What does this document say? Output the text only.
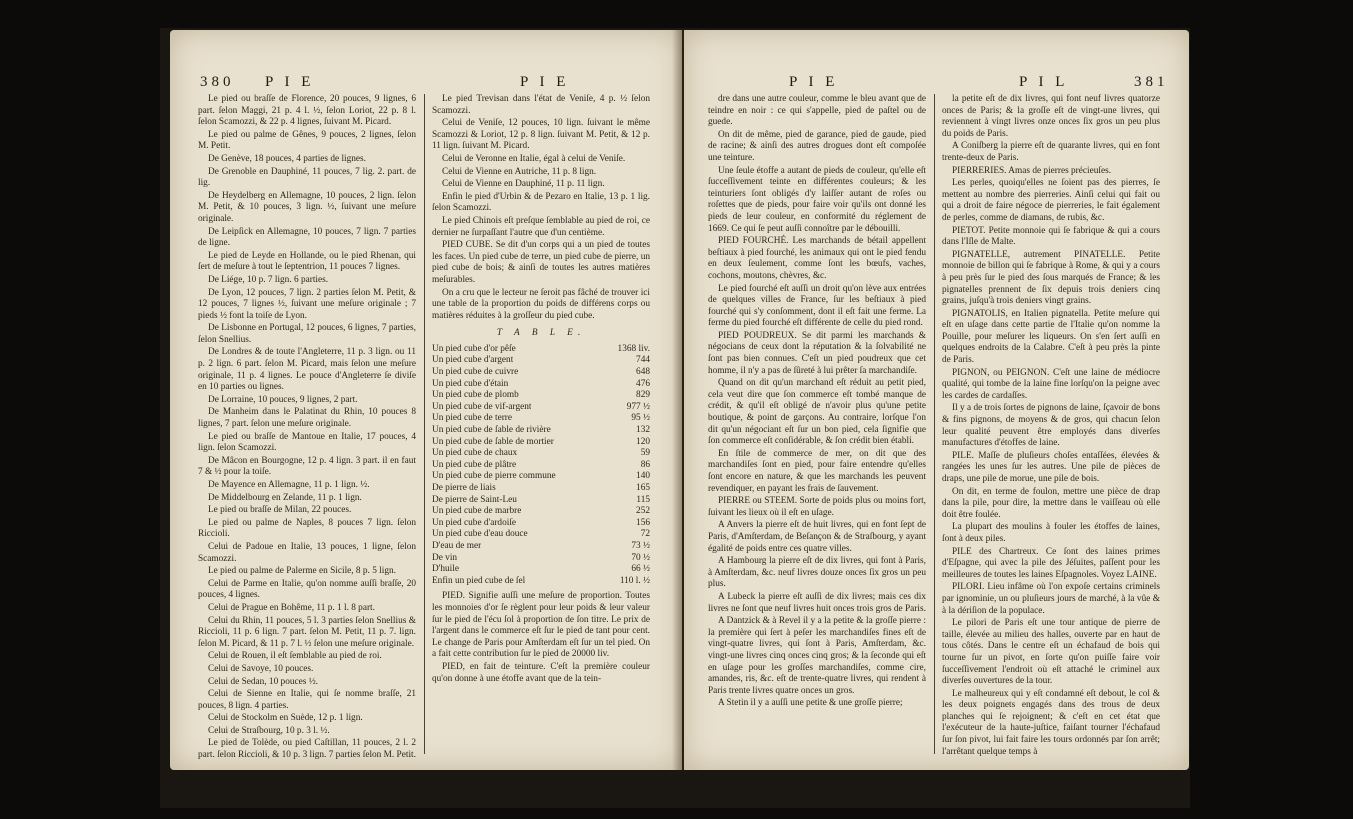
380 P I E	P I E

Le pied ou braſſe de Florence, 20 pouces, 9 lignes, 6 part. ſelon Maggi, 21 p. 4 l. ½, ſelon Loriot, 22 p. 8 l. ſelon Scamozzi, & 22 p. 4 lignes, ſuivant M. Picard.

Le pied ou palme de Gênes, 9 pouces, 2 lignes, ſelon M. Petit.

De Genève, 18 pouces, 4 parties de lignes.

De Grenoble en Dauphiné, 11 pouces, 7 lig. 2. part. de lig.

De Heydelberg en Allemagne, 10 pouces, 2 lign. ſelon M. Petit, & 10 pouces, 3 lign. ½, ſuivant une meſure originale.

De Leipſick en Allemagne, 10 pouces, 7 lign. 7 parties de ligne.

Le pied de Leyde en Hollande, ou le pied Rhenan, qui ſert de meſure à tout le ſeptentrion, 11 pouces 7 lignes.

De Liége, 10 p. 7 lign. 6 parties.

De Lyon, 12 pouces, 7 lign. 2 parties ſelon M. Petit, & 12 pouces, 7 lignes ½, ſuivant une meſure originale ; 7 pieds ½ font la toiſe de Lyon.

De Lisbonne en Portugal, 12 pouces, 6 lignes, 7 parties, ſelon Snellius.

De Londres & de toute l'Angleterre, 11 p. 3 lign. ou 11 p. 2 lign. 6 part. ſelon M. Picard, mais ſelon une meſure originale, 11 p. 4 lignes. Le pouce d'Angleterre ſe diviſe en 10 parties ou lignes.

De Lorraine, 10 pouces, 9 lignes, 2 part.

De Manheim dans le Palatinat du Rhin, 10 pouces 8 lignes, 7 part. ſelon une meſure originale.

Le pied ou braſſe de Mantoue en Italie, 17 pouces, 4 lign. ſelon Scamozzi.

De Mâcon en Bourgogne, 12 p. 4 lign. 3 part. il en faut 7 & ½ pour la toiſe.

De Mayence en Allemagne, 11 p. 1 lign. ½.

De Middelbourg en Zelande, 11 p. 1 lign.

Le pied ou braſſe de Milan, 22 pouces.

Le pied ou palme de Naples, 8 pouces 7 lign. ſelon Riccioli.

Celui de Padoue en Italie, 13 pouces, 1 ligne, ſelon Scamozzi.

Le pied ou palme de Palerme en Sicile, 8 p. 5 lign.

Celui de Parme en Italie, qu'on nomme auſſi braſſe, 20 pouces, 4 lignes.

Celui de Prague en Bohême, 11 p. 1 l. 8 part.

Celui du Rhin, 11 pouces, 5 l. 3 parties ſelon Snellius & Riccioli, 11 p. 6 lign. 7 part. ſelon M. Petit, 11 p. 7. lign. ſelon M. Picard, & 11 p. 7 l. ½ ſelon une meſure originale.

Celui de Rouen, il eſt ſemblable au pied de roi.

Celui de Savoye, 10 pouces.

Celui de Sedan, 10 pouces ½.

Celui de Sienne en Italie, qui ſe nomme braſſe, 21 pouces, 8 lign. 4 parties.

Celui de Stockolm en Suède, 12 p. 1 lign.

Celui de Straſbourg, 10 p. 3 l. ½.

Le pied de Tolède, ou pied Caſtillan, 11 pouces, 2 l. 2 part. ſelon Riccioli, & 10 p. 3 lign. 7 parties ſelon M. Petit.

Le pied Trevisan dans l'état de Veniſe, 4 p. ½ ſelon Scamozzi.

Celui de Veniſe, 12 pouces, 10 lign. ſuivant le même Scamozzi & Loriot, 12 p. 8 lign. ſuivant M. Petit, & 12 p. 11 lign. ſuivant M. Picard.

Celui de Veronne en Italie, égal à celui de Veniſe.

Celui de Vienne en Autriche, 11 p. 8 lign.

Celui de Vienne en Dauphiné, 11 p. 11 lign.

Enfin le pied d'Urbin & de Pezaro en Italie, 13 p. 1 lig. ſelon Scamozzi.

Le pied Chinois eſt preſque ſemblable au pied de roi, ce dernier ne ſurpaſſant l'autre que d'un centième.

PIED CUBE. Se dit d'un corps qui a un pied de toutes les faces. Un pied cube de terre, un pied cube de pierre, un pied cube de bois; & ainſi de toutes les autres matières meſurables.

On a cru que le lecteur ne ſeroit pas fâché de trouver ici une table de la proportion du poids de différens corps ou matières réduites à la groſſeur du pied cube.

T A B L E.
Un pied cube d'or pêſe	1368 liv.
Un pied cube d'argent	744
Un pied cube de cuivre	648
Un pied cube d'étain	476
Un pied cube de plomb	829
Un pied cube de vif-argent	977 ½
Un pied cube de terre	95 ½
Un pied cube de ſable de rivière	132
Un pied cube de ſable de mortier	120
Un pied cube de chaux	59
Un pied cube de plâtre	86
Un pied cube de pierre commune	140
De pierre de liais	165
De pierre de Saint-Leu	115
Un pied cube de marbre	252
Un pied cube d'ardoiſe	156
Un pied cube d'eau douce	72
D'eau de mer	73 ½
De vin	70 ½
D'huile	66 ½
Enfin un pied cube de ſel	110 l. ½

PIED. Signifie auſſi une meſure de proportion. Toutes les monnoies d'or ſe règlent pour leur poids & leur valeur ſur le pied de l'écu ſol à proportion de ſon titre. Le prix de l'argent dans le commerce eſt ſur le pied de tant pour cent. Le change de Paris pour Amſterdam eſt ſur un tel pied. On a fait cette contribution ſur le pied de 20000 liv.

PIED, en fait de teinture. C'eſt la première couleur qu'on donne à une étoffe avant que de la tein-

P I E	P I L	381

dre dans une autre couleur, comme le bleu avant que de teindre en noir : ce qui s'appelle, pied de paſtel ou de guede.

On dit de même, pied de garance, pied de gaude, pied de racine; & ainſi des autres drogues dont eſt compoſée une teinture.

Une ſeule étoffe a autant de pieds de couleur, qu'elle eſt ſucceſſivement teinte en différentes couleurs; & les teinturiers ſont obligés d'y laiſſer autant de roſes ou roſettes que de pieds, pour faire voir qu'ils ont donné les pieds de leur couleur, en conformité du réglement de 1669. Ce qui ſe peut auſſi connoître par le débouilli.

PIED FOURCHÉ. Les marchands de bétail appellent beſtiaux à pied fourché, les animaux qui ont le pied fendu en deux ſeulement, comme ſont les bœufs, vaches, cochons, moutons, chèvres, &c.

Le pied fourché eſt auſſi un droit qu'on lève aux entrées de quelques villes de France, ſur les beſtiaux à pied fourché qui s'y conſomment, dont il eſt fait une ferme. La ferme du pied fourché eſt différente de celle du pied rond.

PIED POUDREUX. Se dit parmi les marchands & négocians de ceux dont la réputation & la ſolvabilité ne ſont pas bien connues. C'eſt un pied poudreux que cet homme, il n'y a pas de ſûreté à lui prêter ſa marchandiſe.

Quand on dit qu'un marchand eſt réduit au petit pied, cela veut dire que ſon commerce eſt tombé manque de crédit, & qu'il eſt obligé de n'avoir plus qu'une petite boutique, & point de garçons. Au contraire, lorſque l'on dit qu'un négociant eſt ſur un bon pied, cela ſignifie que ſon commerce eſt conſidérable, & ſon crédit bien établi.

En ſtile de commerce de mer, on dit que des marchandiſes ſont en pied, pour faire entendre qu'elles ſont encore en nature, & que les marchands les peuvent revendiquer, en payant les frais de ſauvement.

PIERRE ou STEEM. Sorte de poids plus ou moins fort, ſuivant les lieux où il eſt en uſage.

A Anvers la pierre eſt de huit livres, qui en font ſept de Paris, d'Amſterdam, de Beſançon & de Straſbourg, y ayant égalité de poids entre ces quatre villes.

A Hambourg la pierre eſt de dix livres, qui font à Paris, à Amſterdam, &c. neuf livres douze onces ſix gros un peu plus.

A Lubeck la pierre eſt auſſi de dix livres; mais ces dix livres ne ſont que neuf livres huit onces trois gros de Paris.

A Dantzick & à Revel il y a la petite & la groſſe pierre : la première qui ſert à peſer les marchandiſes fines eſt de vingt-quatre livres, qui ſont à Paris, Amſterdam, &c. vingt-une livres cinq onces cinq gros; & la ſeconde qui eſt en uſage pour les groſſes marchandiſes, comme cire, amandes, ris, &c. eſt de trente-quatre livres, qui rendent à Paris trente livres quatre onces un gros.

A Stetin il y a auſſi une petite & une groſſe pierre;

la petite eſt de dix livres, qui font neuf livres quatorze onces de Paris; & la groſſe eſt de vingt-une livres, qui reviennent à vingt livres onze onces ſix gros un peu plus du poids de Paris.

A Coniſberg la pierre eſt de quarante livres, qui en font trente-deux de Paris.

PIERRERIES. Amas de pierres précieuſes.

Les perles, quoiqu'elles ne ſoient pas des pierres, ſe mettent au nombre des pierreries. Ainſi celui qui fait ou qui a droit de faire négoce de pierreries, le fait également de perles, comme de diamans, de rubis, &c.

PIETOT. Petite monnoie qui ſe fabrique & qui a cours dans l'Iſle de Malte.

PIGNATELLE, autrement PINATELLE. Petite monnoie de billon qui ſe fabrique à Rome, & qui y a cours à peu près ſur le pied des ſous marqués de France; & les pignatelles prennent de ſix depuis trois deniers cinq grains, juſqu'à trois deniers vingt grains.

PIGNATOLIS, en Italien pignatella. Petite meſure qui eſt en uſage dans cette partie de l'Italie qu'on nomme la Pouille, pour meſurer les liqueurs. On s'en ſert auſſi en quelques endroits de la Calabre. C'eſt à peu près la pinte de Paris.

PIGNON, ou PEIGNON. C'eſt une laine de médiocre qualité, qui tombe de la laine fine lorſqu'on la peigne avec les cardes de cardaſſes.

Il y a de trois ſortes de pignons de laine, ſçavoir de bons & fins pignons, de moyens & de gros, qui chacun ſelon leur qualité peuvent être employés dans diverſes manufactures d'étoffes de laine.

PILE. Maſſe de pluſieurs choſes entaſſées, élevées & rangées les unes ſur les autres. Une pile de pièces de draps, une pile de morue, une pile de bois.

On dit, en terme de foulon, mettre une pièce de drap dans la pile, pour dire, la mettre dans le vaiſſeau où elle doit être foulée.

La plupart des moulins à fouler les étoffes de laines, ſont à deux piles.

PILE des Chartreux. Ce ſont des laines primes d'Eſpagne, qui avec la pile des Jéſuites, paſſent pour les meilleures de toutes les laines Eſpagnoles. Voyez LAINE.

PILORI. Lieu infâme où l'on expoſe certains criminels par ignominie, un ou pluſieurs jours de marché, à la vûe & à la dériſion de la populace.

Le pilori de Paris eſt une tour antique de pierre de taille, élevée au milieu des halles, ouverte par en haut de tous côtés. Dans le centre eſt un échafaud de bois qui tourne ſur un pivot, en ſorte qu'on puiſſe faire voir ſucceſſivement l'endroit où eſt attaché le criminel aux diverſes ouvertures de la tour.

Le malheureux qui y eſt condamné eſt debout, le col & les deux poignets engagés dans des trous de deux planches qui ſe rejoignent; & c'eſt en cet état que l'exécuteur de la haute-juſtice, faiſant tourner l'échafaud ſur ſon pivot, lui fait faire les tours ordonnés par ſon arrêt; l'arrêtant quelque temps à
